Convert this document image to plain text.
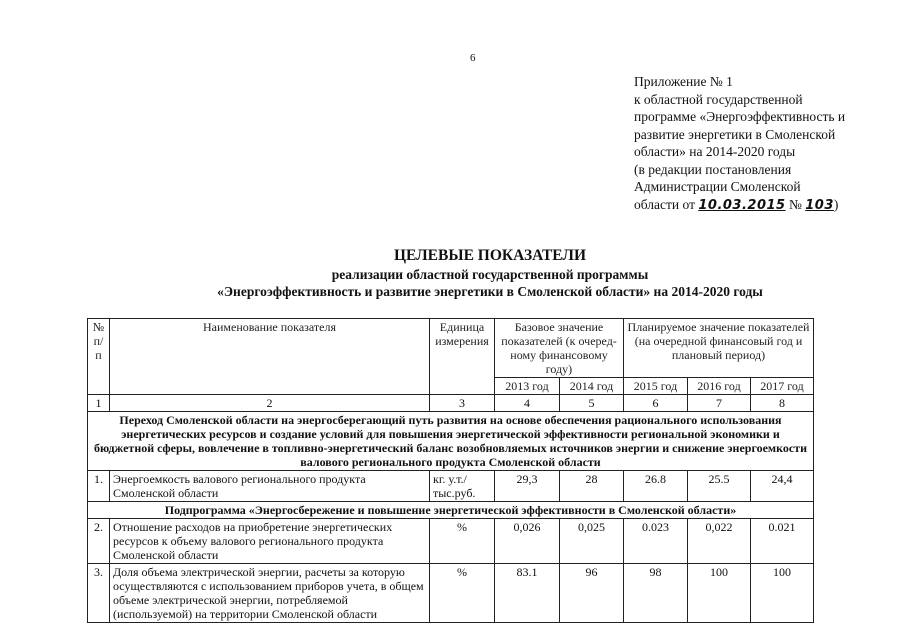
6
Приложение № 1
к областной государственной
программе «Энергоэффективность и
развитие энергетики в Смоленской
области» на 2014-2020 годы
(в редакции постановления
Администрации Смоленской
области от 10.03.2015 № 103)
ЦЕЛЕВЫЕ ПОКАЗАТЕЛИ
реализации областной государственной программы
«Энергоэффективность и развитие энергетики в Смоленской области» на 2014-2020 годы
№ п/п	Наименование показателя	Единица измерения	Базовое значение показателей (к очеред-ному финансовому году)		Планируемое значение показателей (на очередной финансовый год и плановый период)		
			2013 год	2014 год	2015 год	2016 год	2017 год
1	2	3	4	5	6	7	8
Переход Смоленской области на энергосберегающий путь развития на основе обеспечения рационального использования энергетических ресурсов и создание условий для повышения энергетической эффективности региональной экономики и бюджетной сферы, вовлечение в топливно-энергетический баланс возобновляемых источников энергии и снижение энергоемкости валового регионального продукта Смоленской области							
1.	Энергоемкость валового регионального продукта Смоленской области	кг. у.т./ тыс.руб.	29,3	28	26.8	25.5	24,4
Подпрограмма «Энергосбережение и повышение энергетической эффективности в Смоленской области»							
2.	Отношение расходов на приобретение энергетических ресурсов к объему валового регионального продукта Смоленской области	%	0,026	0,025	0.023	0,022	0.021
3.	Доля объема электрической энергии, расчеты за которую осуществляются с использованием приборов учета, в общем объеме электрической энергии, потребляемой (используемой) на территории Смоленской области	%	83.1	96	98	100	100
